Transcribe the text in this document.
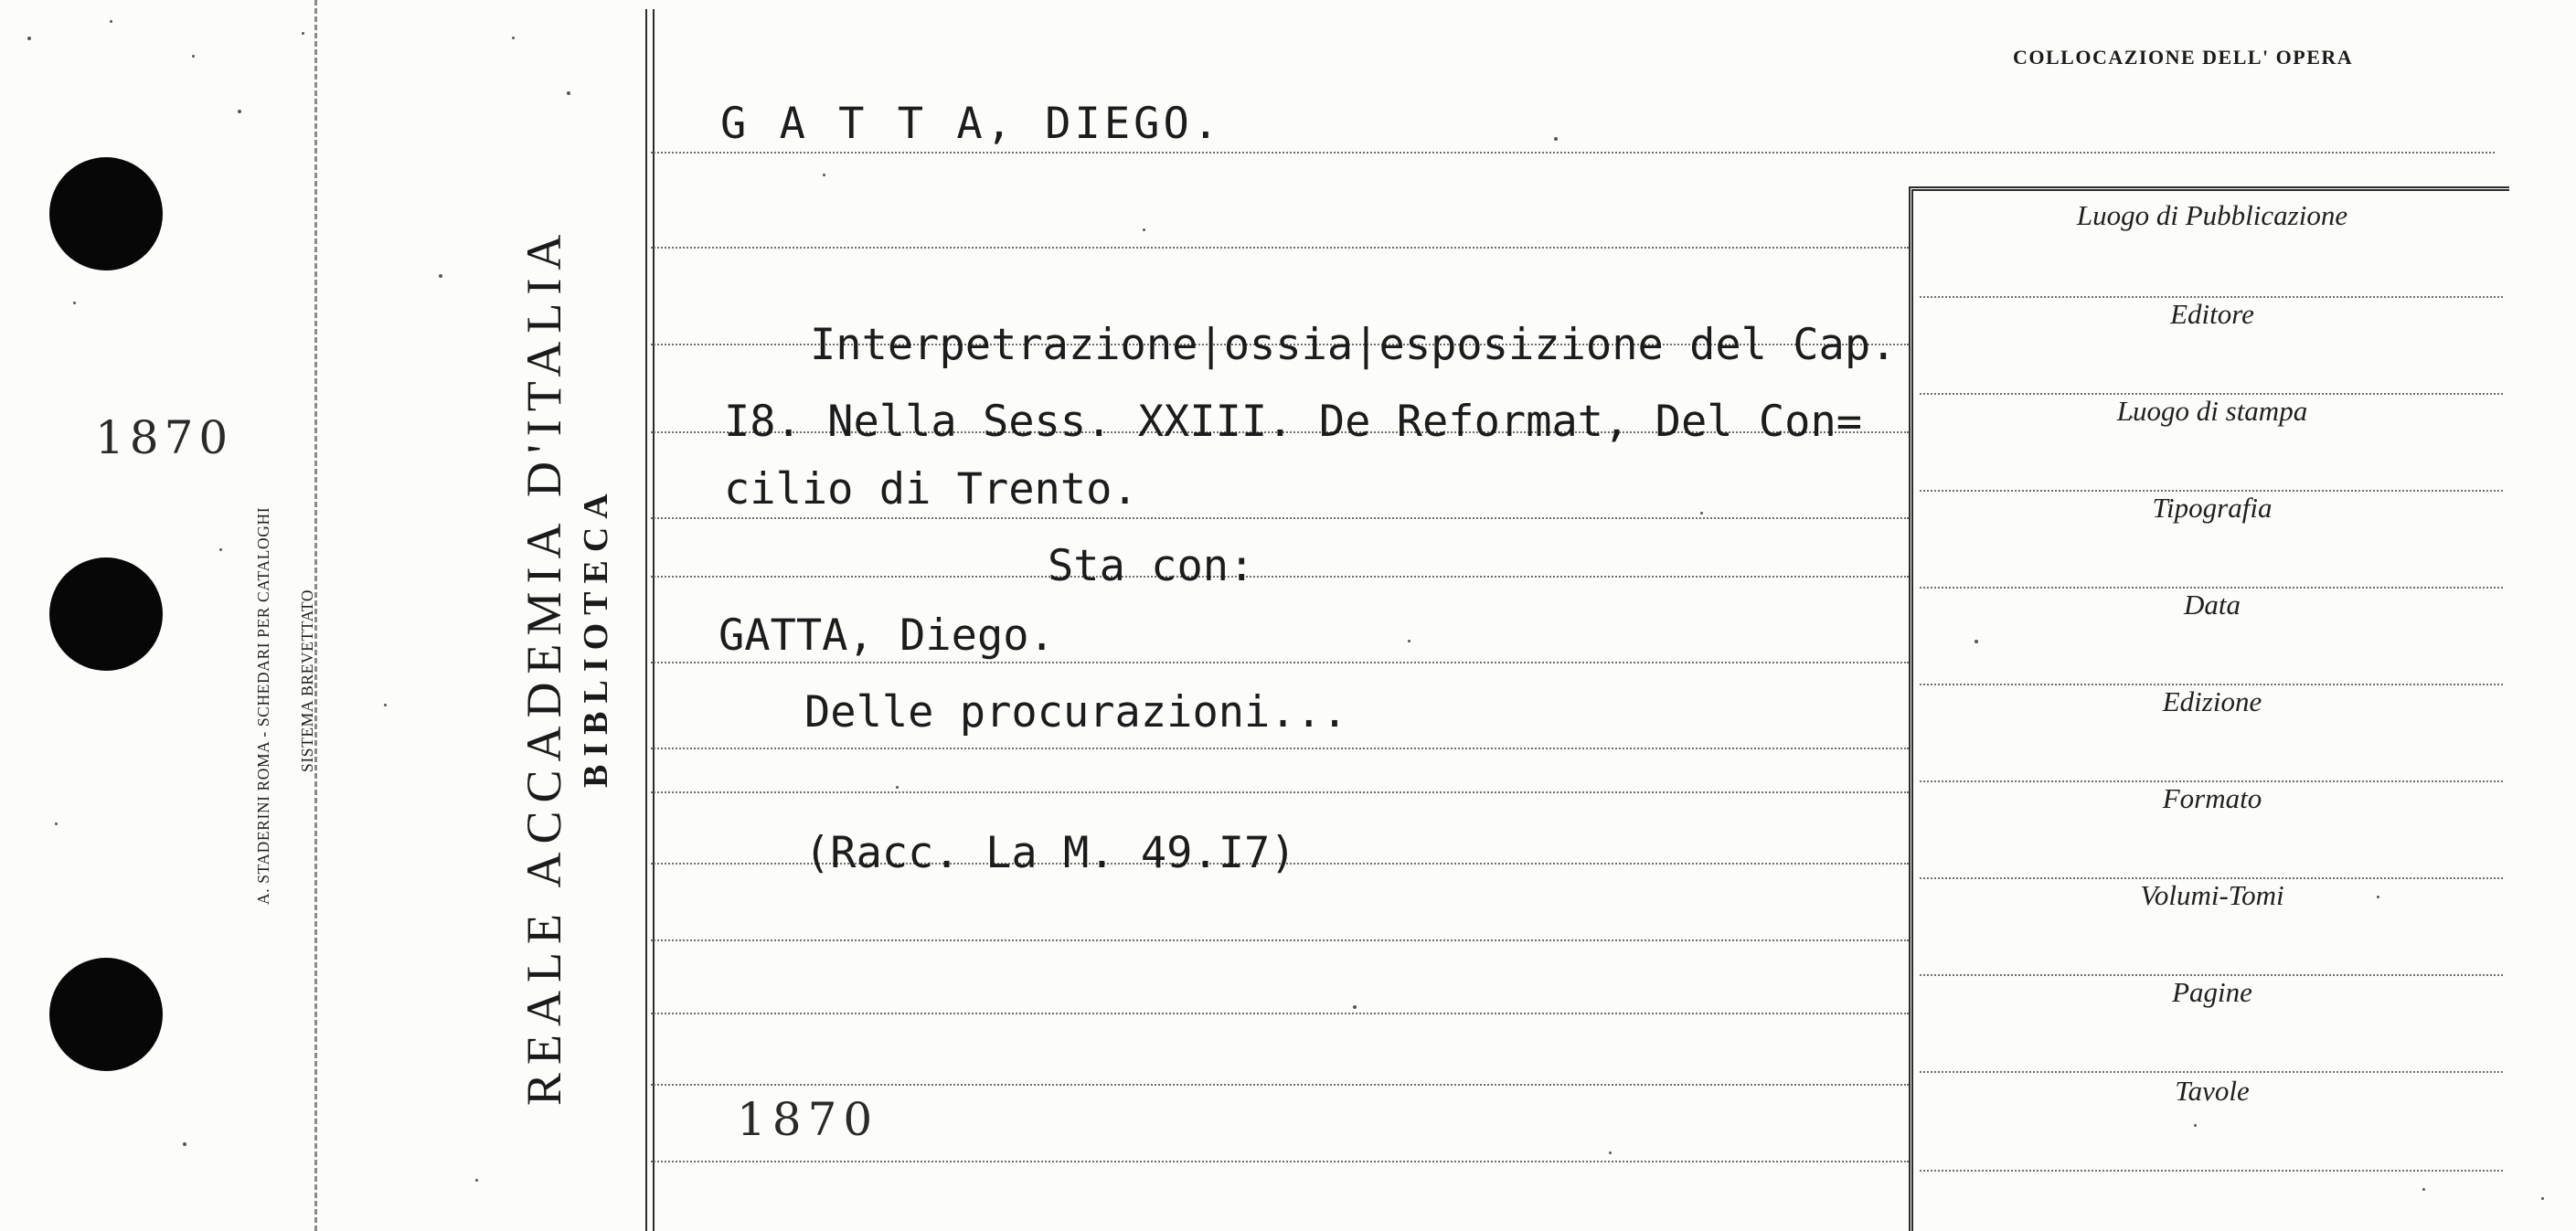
1870
A. STADERINI ROMA - SCHEDARI PER CATALOGHI SISTEMA BREVETTATO	REALE ACCADEMIA D'ITALIA BIBLIOTECA
COLLOCAZIONE DELL' OPERA
Luogo di Pubblicazione
Editore
Luogo di stampa
Tipografia
Data
Edizione
Formato
Volumi-Tomi
Pagine
Tavole
G A T T A, DIEGO.
Interpetrazione|ossia|esposizione del Cap.
I8. Nella Sess. XXIII. De Reformat, Del Con=
cilio di Trento.
Sta con:
GATTA, Diego.
Delle procurazioni...
(Racc. La M. 49.I7)
1870
